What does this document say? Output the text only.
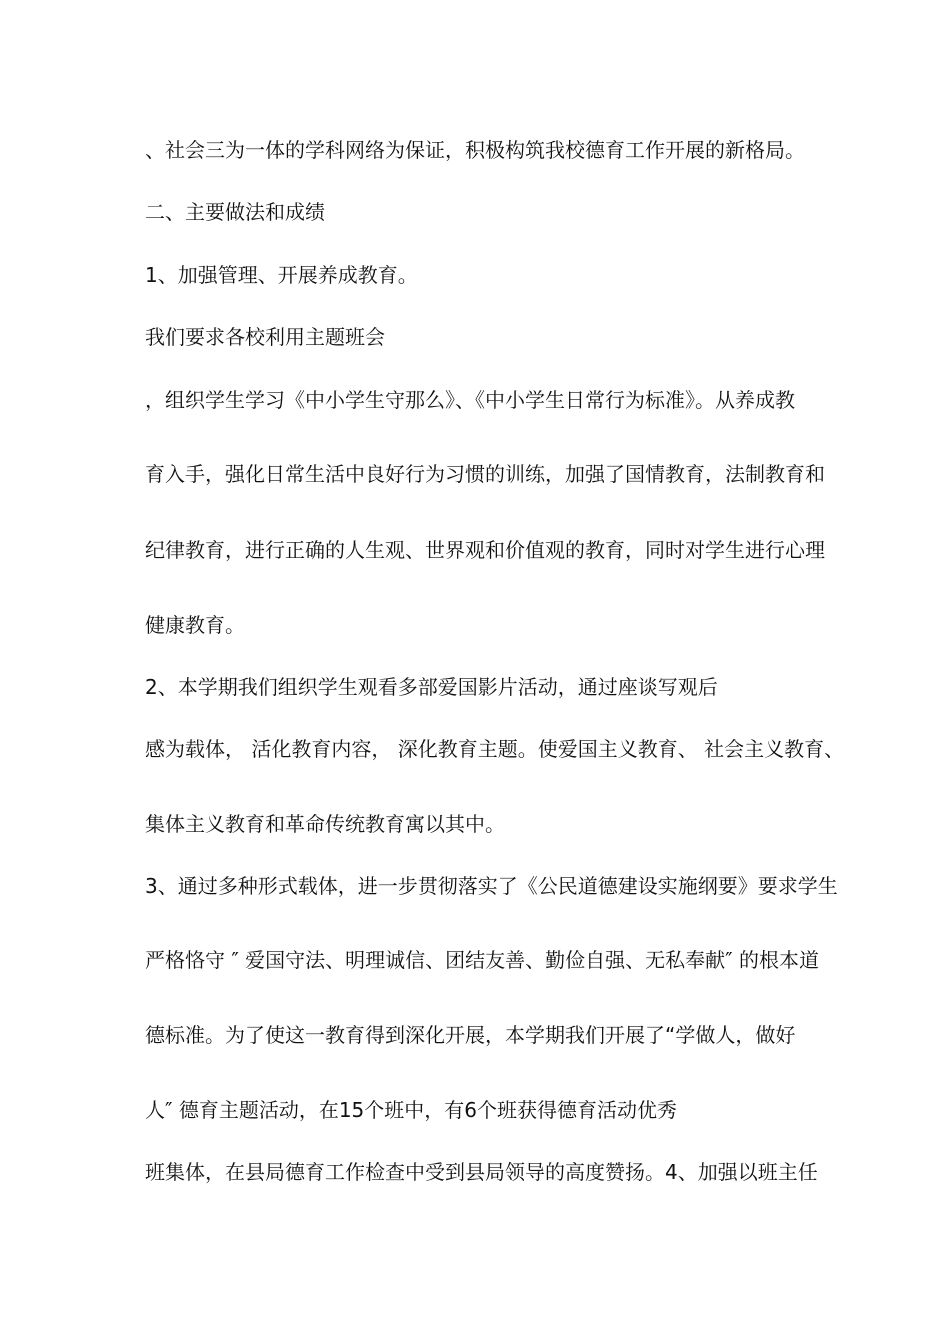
、社会三为一体的学科网络为保证，积极构筑我校德育工作开展的新格局。
二、主要做法和成绩
1、加强管理、开展养成教育。
我们要求各校利用主题班会
，组织学生学习《中小学生守那么》、《中小学生日常行为标准》。从养成教
育入手，强化日常生活中良好行为习惯的训练，加强了国情教育，法制教育和
纪律教育，进行正确的人生观、世界观和价值观的教育，同时对学生进行心理
健康教育。
2、本学期我们组织学生观看多部爱国影片活动，通过座谈写观后
感为载体， 活化教育内容， 深化教育主题。使爱国主义教育、 社会主义教育、
集体主义教育和革命传统教育寓以其中。
3、通过多种形式载体，进一步贯彻落实了《公民道德建设实施纲要》要求学生
严格恪守 ″ 爱国守法、明理诚信、团结友善、勤俭自强、无私奉献″ 的根本道
德标准。为了使这一教育得到深化开展，本学期我们开展了“学做人，做好
人″ 德育主题活动，在15个班中，有6个班获得德育活动优秀
班集体，在县局德育工作检查中受到县局领导的高度赞扬。4、加强以班主任
